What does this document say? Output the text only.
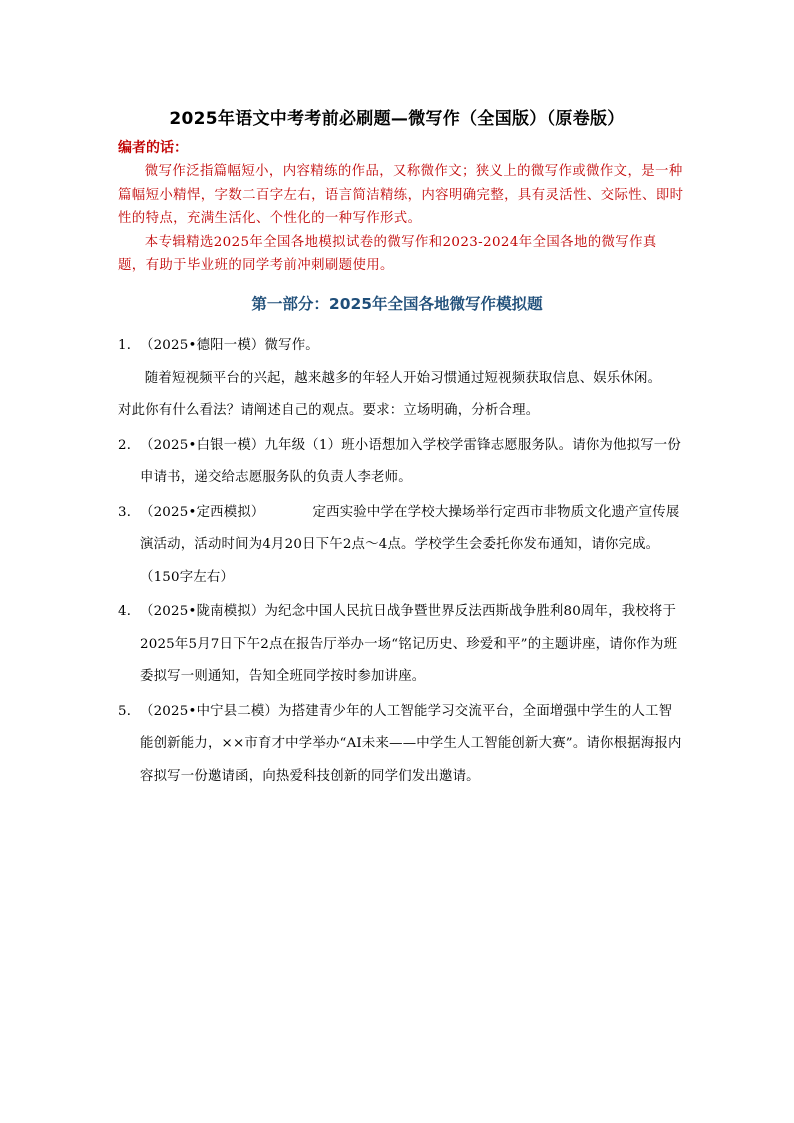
2025年语文中考考前必刷题—微写作（全国版）（原卷版）
编者的话：

微写作泛指篇幅短小，内容精练的作品，又称微作文；狭义上的微写作或微作文，是一种篇幅短小精悍，字数二百字左右，语言简洁精练，内容明确完整，具有灵活性、交际性、即时性的特点，充满生活化、个性化的一种写作形式。

本专辑精选2025年全国各地模拟试卷的微写作和2023-2024年全国各地的微写作真题，有助于毕业班的同学考前冲刺刷题使用。

第一部分：2025年全国各地微写作模拟题
1．（2025•德阳一模）微写作。

随着短视频平台的兴起，越来越多的年轻人开始习惯通过短视频获取信息、娱乐休闲。

对此你有什么看法？请阐述自己的观点。要求：立场明确，分析合理。

2．（2025•白银一模）九年级（1）班小语想加入学校学雷锋志愿服务队。请你为他拟写一份申请书，递交给志愿服务队的负责人李老师。
3．（2025•定西模拟）	定西实验中学在学校大操场举行定西市非物质文化遗产宣传展演活动，活动时间为4月20日下午2点～4点。学校学生会委托你发布通知，请你完成。（150字左右）
4．（2025•陇南模拟）为纪念中国人民抗日战争暨世界反法西斯战争胜利80周年，我校将于2025年5月7日下午2点在报告厅举办一场“铭记历史、珍爱和平”的主题讲座，请你作为班委拟写一则通知，告知全班同学按时参加讲座。
5．（2025•中宁县二模）为搭建青少年的人工智能学习交流平台，全面增强中学生的人工智能创新能力，××市育才中学举办“AI未来——中学生人工智能创新大赛”。请你根据海报内容拟写一份邀请函，向热爱科技创新的同学们发出邀请。
